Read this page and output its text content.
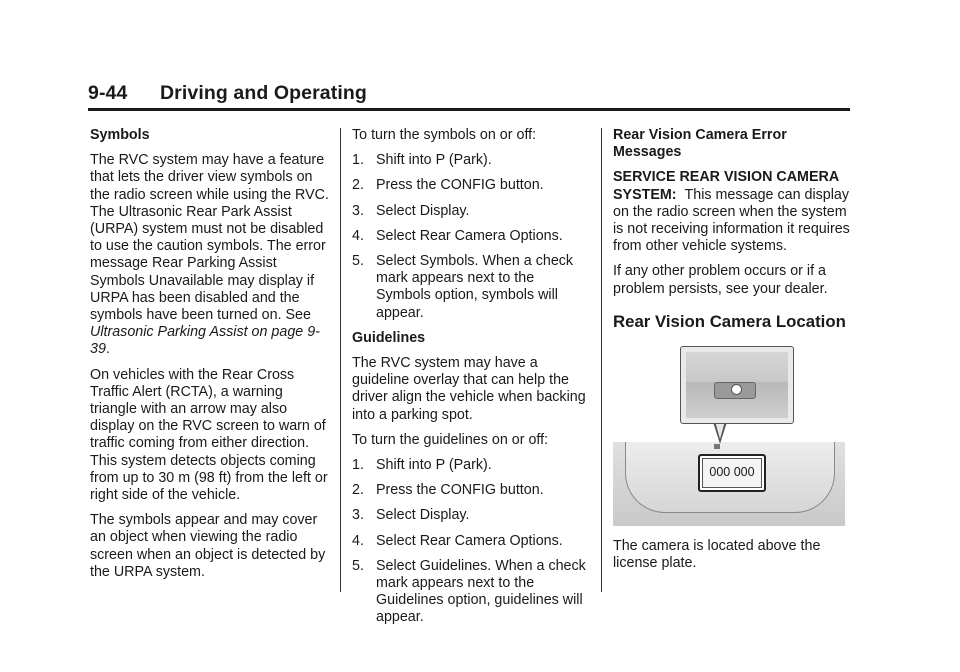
9-44 Driving and Operating

Symbols

The RVC system may have a feature that lets the driver view symbols on the radio screen while using the RVC. The Ultrasonic Rear Park Assist (URPA) system must not be disabled to use the caution symbols. The error message Rear Parking Assist Symbols Unavailable may display if URPA has been disabled and the symbols have been turned on. See Ultrasonic Parking Assist on page 9-39.

On vehicles with the Rear Cross Traffic Alert (RCTA), a warning triangle with an arrow may also display on the RVC screen to warn of traffic coming from either direction. This system detects objects coming from up to 30 m (98 ft) from the left or right side of the vehicle.

The symbols appear and may cover an object when viewing the radio screen when an object is detected by the URPA system.

To turn the symbols on or off:

1. Shift into P (Park).
2. Press the CONFIG button.
3. Select Display.
4. Select Rear Camera Options.
5. Select Symbols. When a check mark appears next to the Symbols option, symbols will appear.

Guidelines

The RVC system may have a guideline overlay that can help the driver align the vehicle when backing into a parking spot.

To turn the guidelines on or off:

1. Shift into P (Park).
2. Press the CONFIG button.
3. Select Display.
4. Select Rear Camera Options.
5. Select Guidelines. When a check mark appears next to the Guidelines option, guidelines will appear.

Rear Vision Camera Error Messages

SERVICE REAR VISION CAMERA SYSTEM: This message can display on the radio screen when the system is not receiving information it requires from other vehicle systems.

If any other problem occurs or if a problem persists, see your dealer.

Rear Vision Camera Location
000 000

The camera is located above the license plate.
